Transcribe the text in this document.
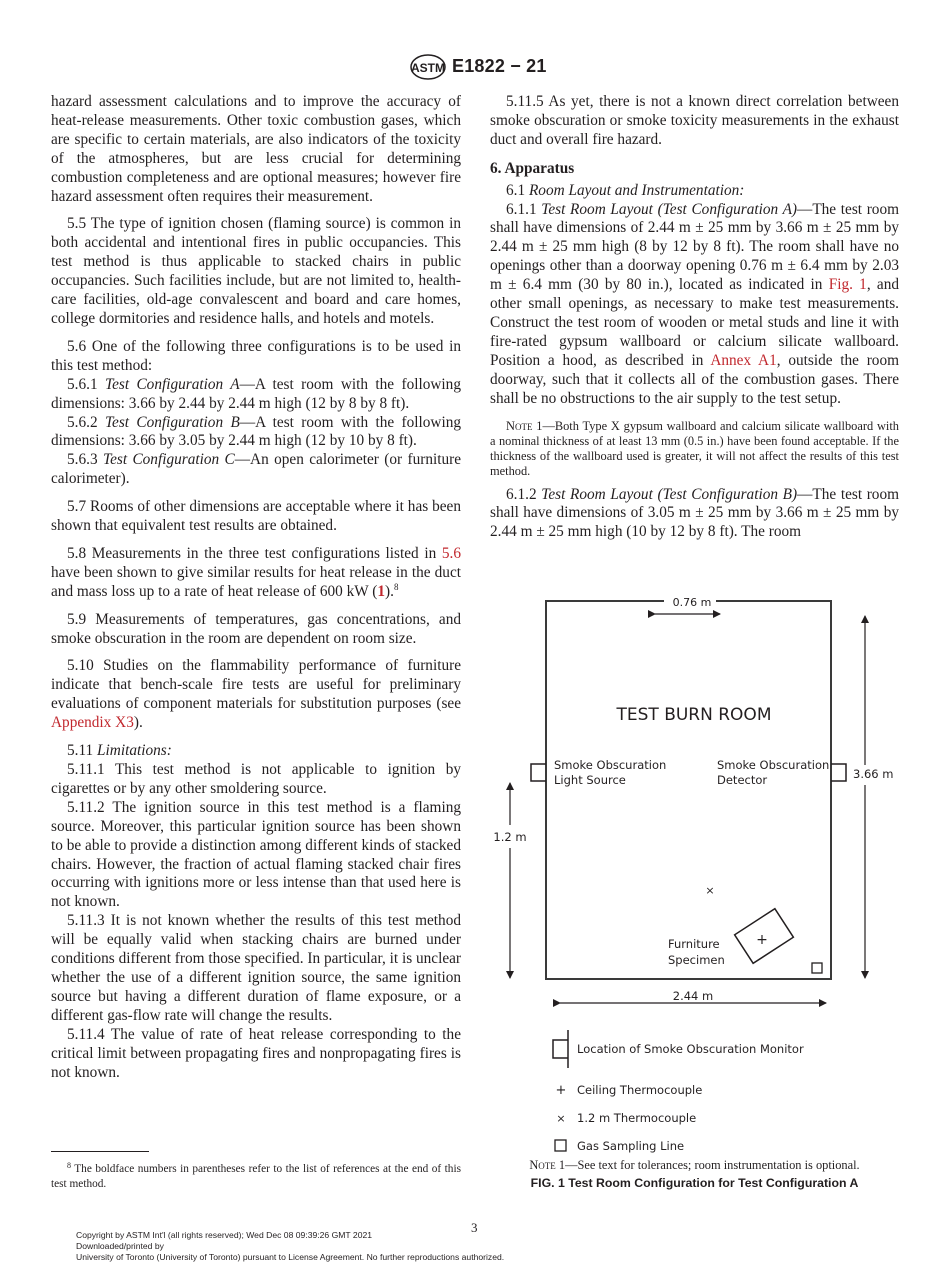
ASTM E1822 − 21

hazard assessment calculations and to improve the accuracy of heat-release measurements. Other toxic combustion gases, which are specific to certain materials, are also indicators of the toxicity of the atmospheres, but are less crucial for determining combustion completeness and are optional measures; however fire hazard assessment often requires their measurement.

5.5 The type of ignition chosen (flaming source) is common in both accidental and intentional fires in public occupancies. This test method is thus applicable to stacked chairs in public occupancies. Such facilities include, but are not limited to, health-care facilities, old-age convalescent and board and care homes, college dormitories and residence halls, and hotels and motels.

5.6 One of the following three configurations is to be used in this test method:

5.6.1 Test Configuration A—A test room with the following dimensions: 3.66 by 2.44 by 2.44 m high (12 by 8 by 8 ft).

5.6.2 Test Configuration B—A test room with the following dimensions: 3.66 by 3.05 by 2.44 m high (12 by 10 by 8 ft).

5.6.3 Test Configuration C—An open calorimeter (or furniture calorimeter).

5.7 Rooms of other dimensions are acceptable where it has been shown that equivalent test results are obtained.

5.8 Measurements in the three test configurations listed in 5.6 have been shown to give similar results for heat release in the duct and mass loss up to a rate of heat release of 600 kW (1).$^8$

5.9 Measurements of temperatures, gas concentrations, and smoke obscuration in the room are dependent on room size.

5.10 Studies on the flammability performance of furniture indicate that bench-scale fire tests are useful for preliminary evaluations of component materials for substitution purposes (see Appendix X3).

5.11 Limitations:

5.11.1 This test method is not applicable to ignition by cigarettes or by any other smoldering source.

5.11.2 The ignition source in this test method is a flaming source. Moreover, this particular ignition source has been shown to be able to provide a distinction among different kinds of stacked chairs. However, the fraction of actual flaming stacked chair fires occurring with ignitions more or less intense than that used here is not known.

5.11.3 It is not known whether the results of this test method will be equally valid when stacking chairs are burned under conditions different from those specified. In particular, it is unclear whether the use of a different ignition source, the same ignition source but having a different duration of flame exposure, or a different gas-flow rate will change the results.

5.11.4 The value of rate of heat release corresponding to the critical limit between propagating fires and nonpropagating fires is not known.

$^8$ The boldface numbers in parentheses refer to the list of references at the end of this test method.

5.11.5 As yet, there is not a known direct correlation between smoke obscuration or smoke toxicity measurements in the exhaust duct and overall fire hazard.

6. Apparatus

6.1 Room Layout and Instrumentation:

6.1.1 Test Room Layout (Test Configuration A)—The test room shall have dimensions of 2.44 m ± 25 mm by 3.66 m ± 25 mm by 2.44 m ± 25 mm high (8 by 12 by 8 ft). The room shall have no openings other than a doorway opening 0.76 m ± 6.4 mm by 2.03 m ± 6.4 mm (30 by 80 in.), located as indicated in Fig. 1, and other small openings, as necessary to make test measurements. Construct the test room of wooden or metal studs and line it with fire-rated gypsum wallboard or calcium silicate wallboard. Position a hood, as described in Annex A1, outside the room doorway, such that it collects all of the combustion gases. There shall be no obstructions to the air supply to the test setup.

Note 1—Both Type X gypsum wallboard and calcium silicate wallboard with a nominal thickness of at least 13 mm (0.5 in.) have been found acceptable. If the thickness of the wallboard used is greater, it will not affect the results of this test method.

6.1.2 Test Room Layout (Test Configuration B)—The test room shall have dimensions of 3.05 m ± 25 mm by 3.66 m ± 25 mm by 2.44 m ± 25 mm high (10 by 12 by 8 ft). The room

0.76 m
TEST BURN ROOM
Smoke Obscuration
Light Source
Smoke Obscuration
Detector	3.66 m
1.2 m
×
+
Furniture
Specimen
2.44 m
Location of Smoke Obscuration Monitor
+ Ceiling Thermocouple
× 1.2 m Thermocouple
Gas Sampling Line
Note 1—See text for tolerances; room instrumentation is optional.
FIG. 1 Test Room Configuration for Test Configuration A
3
Copyright by ASTM Int'l (all rights reserved); Wed Dec 08 09:39:26 GMT 2021
Downloaded/printed by
University of Toronto (University of Toronto) pursuant to License Agreement. No further reproductions authorized.
